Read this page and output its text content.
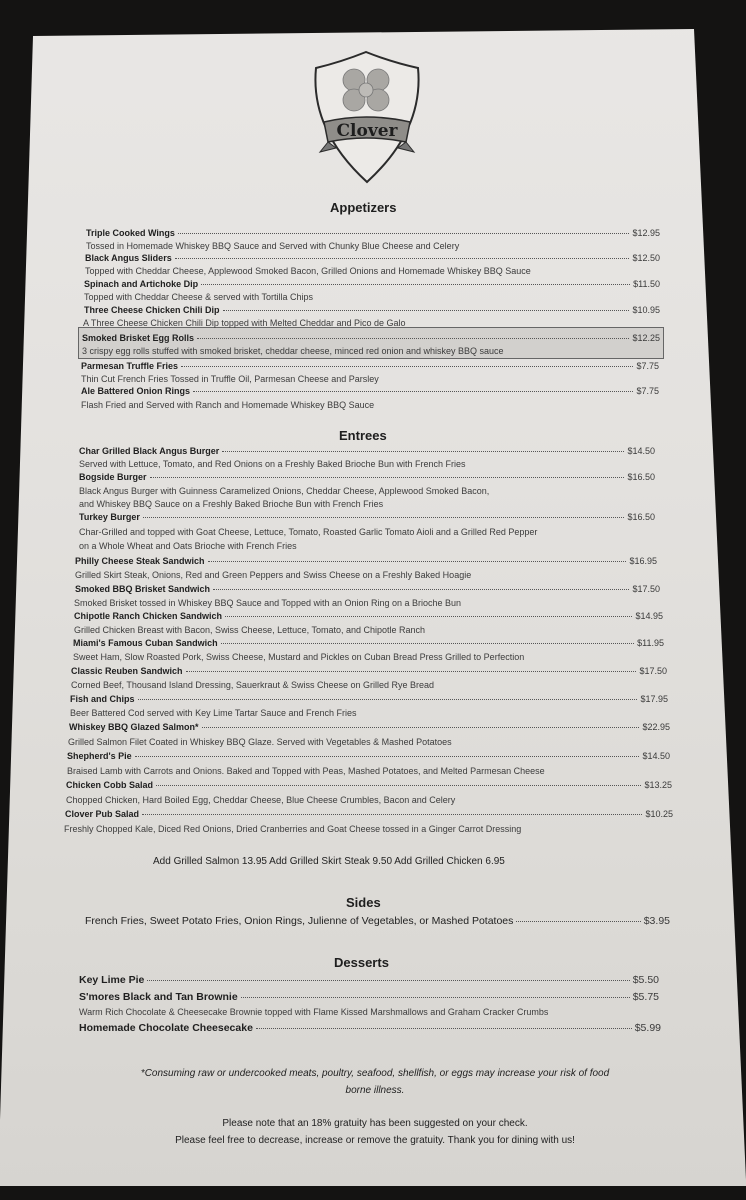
Clover
Appetizers
Triple Cooked Wings	$12.95
Tossed in Homemade Whiskey BBQ Sauce and Served with Chunky Blue Cheese and Celery
Black Angus Sliders	$12.50
Topped with Cheddar Cheese, Applewood Smoked Bacon, Grilled Onions and Homemade Whiskey BBQ Sauce
Spinach and Artichoke Dip	$11.50
Topped with Cheddar Cheese & served with Tortilla Chips
Three Cheese Chicken Chili Dip	$10.95
A Three Cheese Chicken Chili Dip topped with Melted Cheddar and Pico de Galo
Smoked Brisket Egg Rolls	$12.25
3 crispy egg rolls stuffed with smoked brisket, cheddar cheese, minced red onion and whiskey BBQ sauce
Parmesan Truffle Fries	$7.75
Thin Cut French Fries Tossed in Truffle Oil, Parmesan Cheese and Parsley
Ale Battered Onion Rings	$7.75
Flash Fried and Served with Ranch and Homemade Whiskey BBQ Sauce
Entrees
Char Grilled Black Angus Burger	$14.50
Served with Lettuce, Tomato, and Red Onions on a Freshly Baked Brioche Bun with French Fries
Bogside Burger	$16.50
Black Angus Burger with Guinness Caramelized Onions, Cheddar Cheese, Applewood Smoked Bacon,
and Whiskey BBQ Sauce on a Freshly Baked Brioche Bun with French Fries
Turkey Burger	$16.50
Char-Grilled and topped with Goat Cheese, Lettuce, Tomato, Roasted Garlic Tomato Aioli and a Grilled Red Pepper
on a Whole Wheat and Oats Brioche with French Fries
Philly Cheese Steak Sandwich	$16.95
Grilled Skirt Steak, Onions, Red and Green Peppers and Swiss Cheese on a Freshly Baked Hoagie
Smoked BBQ Brisket Sandwich	$17.50
Smoked Brisket tossed in Whiskey BBQ Sauce and Topped with an Onion Ring on a Brioche Bun
Chipotle Ranch Chicken Sandwich	$14.95
Grilled Chicken Breast with Bacon, Swiss Cheese, Lettuce, Tomato, and Chipotle Ranch
Miami's Famous Cuban Sandwich	$11.95
Sweet Ham, Slow Roasted Pork, Swiss Cheese, Mustard and Pickles on Cuban Bread Press Grilled to Perfection
Classic Reuben Sandwich	$17.50
Corned Beef, Thousand Island Dressing, Sauerkraut & Swiss Cheese on Grilled Rye Bread
Fish and Chips	$17.95
Beer Battered Cod served with Key Lime Tartar Sauce and French Fries
Whiskey BBQ Glazed Salmon*	$22.95
Grilled Salmon Filet Coated in Whiskey BBQ Glaze. Served with Vegetables & Mashed Potatoes
Shepherd's Pie	$14.50
Braised Lamb with Carrots and Onions. Baked and Topped with Peas, Mashed Potatoes, and Melted Parmesan Cheese
Chicken Cobb Salad	$13.25
Chopped Chicken, Hard Boiled Egg, Cheddar Cheese, Blue Cheese Crumbles, Bacon and Celery
Clover Pub Salad	$10.25
Freshly Chopped Kale, Diced Red Onions, Dried Cranberries and Goat Cheese tossed in a Ginger Carrot Dressing
Add Grilled Salmon 13.95 Add Grilled Skirt Steak 9.50 Add Grilled Chicken 6.95
Sides
French Fries, Sweet Potato Fries, Onion Rings, Julienne of Vegetables, or Mashed Potatoes	$3.95
Desserts
Key Lime Pie	$5.50
S'mores Black and Tan Brownie	$5.75
Warm Rich Chocolate & Cheesecake Brownie topped with Flame Kissed Marshmallows and Graham Cracker Crumbs
Homemade Chocolate Cheesecake	$5.99
*Consuming raw or undercooked meats, poultry, seafood, shellfish, or eggs may increase your risk of food
borne illness.
Please note that an 18% gratuity has been suggested on your check.
Please feel free to decrease, increase or remove the gratuity. Thank you for dining with us!
